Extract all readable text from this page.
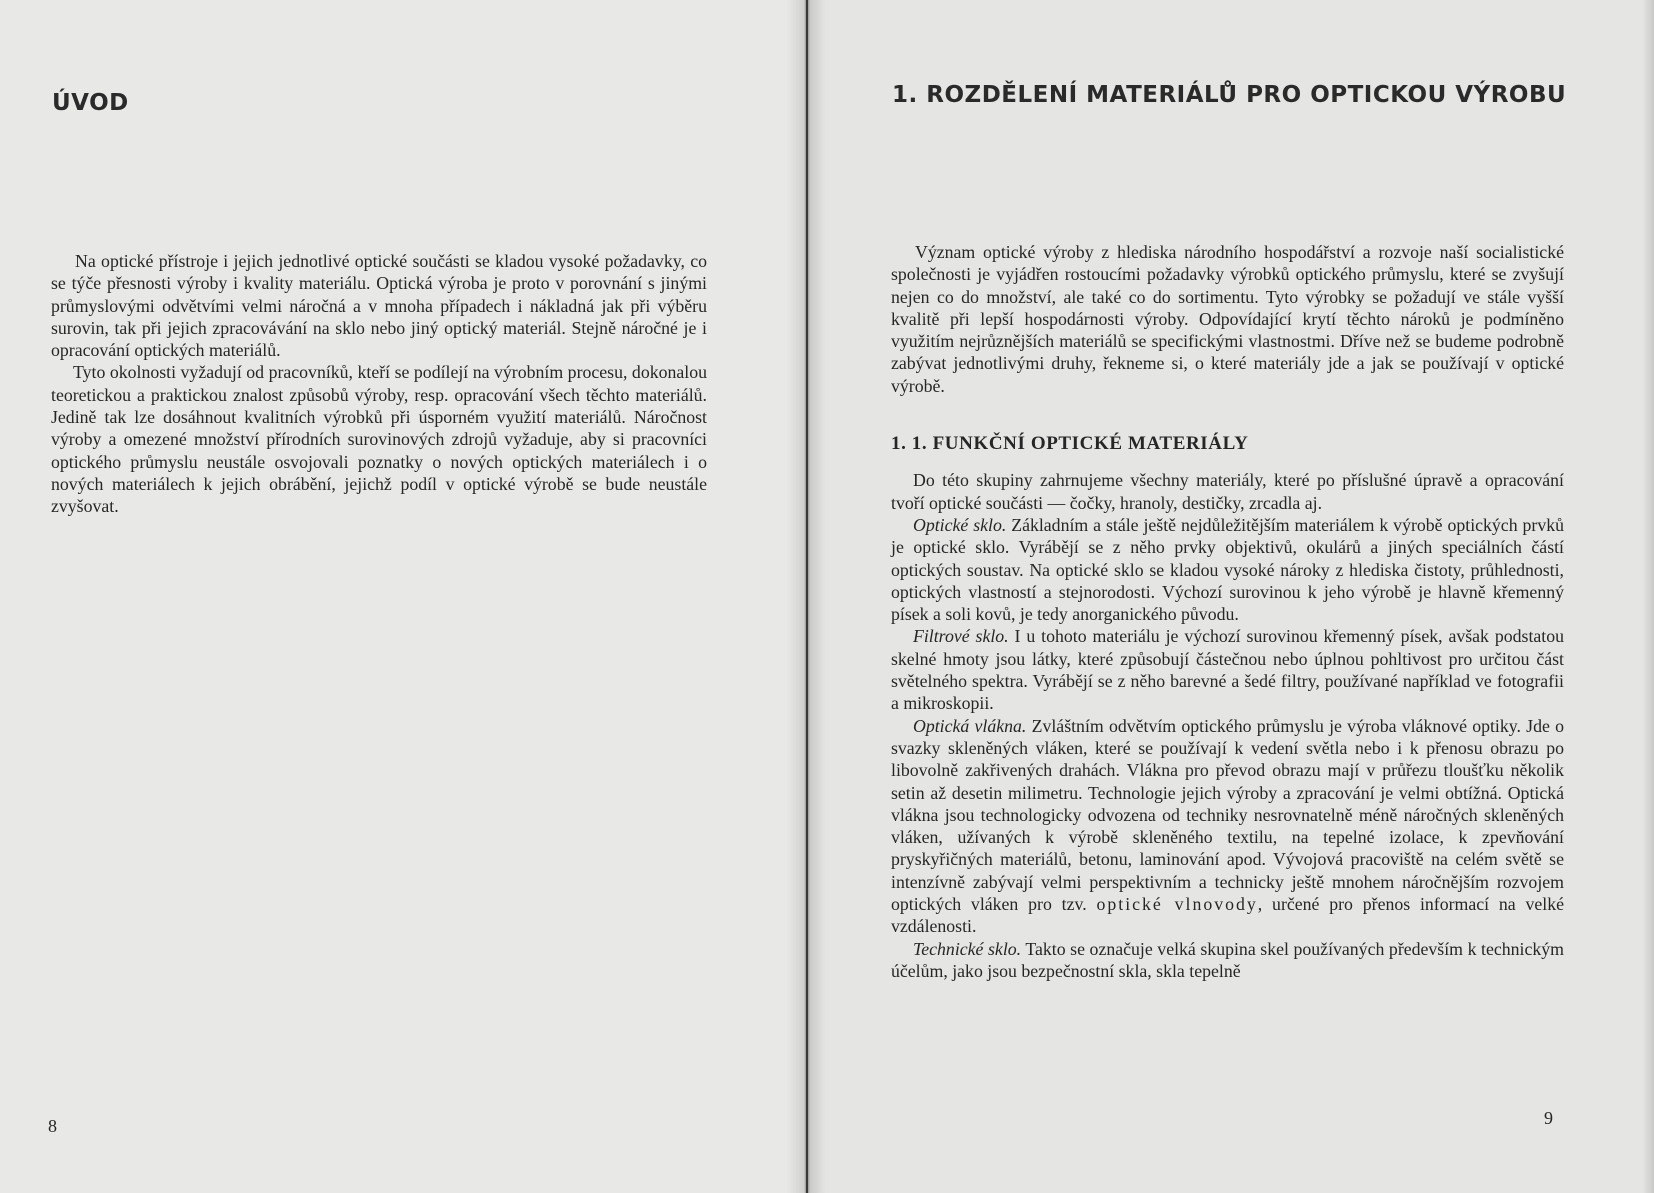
ÚVOD

Na optické přístroje i jejich jednotlivé optické součásti se kladou vysoké požadavky, co se týče přesnosti výroby i kvality materiálu. Optická výroba je proto v porovnání s jinými průmyslovými odvětvími velmi náročná a v mnoha případech i nákladná jak při výběru surovin, tak při jejich zpracovávání na sklo nebo jiný optický materiál. Stejně náročné je i opracování optických materiálů.

Tyto okolnosti vyžadují od pracovníků, kteří se podílejí na výrobním procesu, dokonalou teoretickou a praktickou znalost způsobů výroby, resp. opracování všech těchto materiálů. Jedině tak lze dosáhnout kvalitních výrobků při úsporném využití materiálů. Náročnost výroby a omezené množství přírodních surovinových zdrojů vyžaduje, aby si pracovníci optického průmyslu neustále osvojovali poznatky o nových optických materiálech i o nových materiálech k jejich obrábění, jejichž podíl v optické výrobě se bude neustále zvyšovat.

8
1. ROZDĚLENÍ MATERIÁLŮ PRO OPTICKOU VÝROBU

Význam optické výroby z hlediska národního hospodářství a rozvoje naší socialistické společnosti je vyjádřen rostoucími požadavky výrobků optického průmyslu, které se zvyšují nejen co do množství, ale také co do sortimentu. Tyto výrobky se požadují ve stále vyšší kvalitě při lepší hospodárnosti výroby. Odpovídající krytí těchto nároků je podmíněno využitím nejrůznějších materiálů se specifickými vlastnostmi. Dříve než se budeme podrobně zabývat jednotlivými druhy, řekneme si, o které materiály jde a jak se používají v optické výrobě.

1. 1. FUNKČNÍ OPTICKÉ MATERIÁLY

Do této skupiny zahrnujeme všechny materiály, které po příslušné úpravě a opracování tvoří optické součásti — čočky, hranoly, destičky, zrcadla aj.

Optické sklo. Základním a stále ještě nejdůležitějším materiálem k výrobě optických prvků je optické sklo. Vyrábějí se z něho prvky objektivů, okulárů a jiných speciálních částí optických soustav. Na optické sklo se kladou vysoké nároky z hlediska čistoty, průhlednosti, optických vlastností a stejnorodosti. Výchozí surovinou k jeho výrobě je hlavně křemenný písek a soli kovů, je tedy anorganického původu.

Filtrové sklo. I u tohoto materiálu je výchozí surovinou křemenný písek, avšak podstatou skelné hmoty jsou látky, které způsobují částečnou nebo úplnou pohltivost pro určitou část světelného spektra. Vyrábějí se z něho barevné a šedé filtry, používané například ve fotografii a mikroskopii.

Optická vlákna. Zvláštním odvětvím optického průmyslu je výroba vláknové optiky. Jde o svazky skleněných vláken, které se používají k vedení světla nebo i k přenosu obrazu po libovolně zakřivených drahách. Vlákna pro převod obrazu mají v průřezu tloušťku několik setin až desetin milimetru. Technologie jejich výroby a zpracování je velmi obtížná. Optická vlákna jsou technologicky odvozena od techniky nesrovnatelně méně náročných skleněných vláken, užívaných k výrobě skleněného textilu, na tepelné izolace, k zpevňování pryskyřičných materiálů, betonu, laminování apod. Vývojová pracoviště na celém světě se intenzívně zabývají velmi perspektivním a technicky ještě mnohem náročnějším rozvojem optických vláken pro tzv. optické vlnovody, určené pro přenos informací na velké vzdálenosti.

Technické sklo. Takto se označuje velká skupina skel používaných především k technickým účelům, jako jsou bezpečnostní skla, skla tepelně

9
